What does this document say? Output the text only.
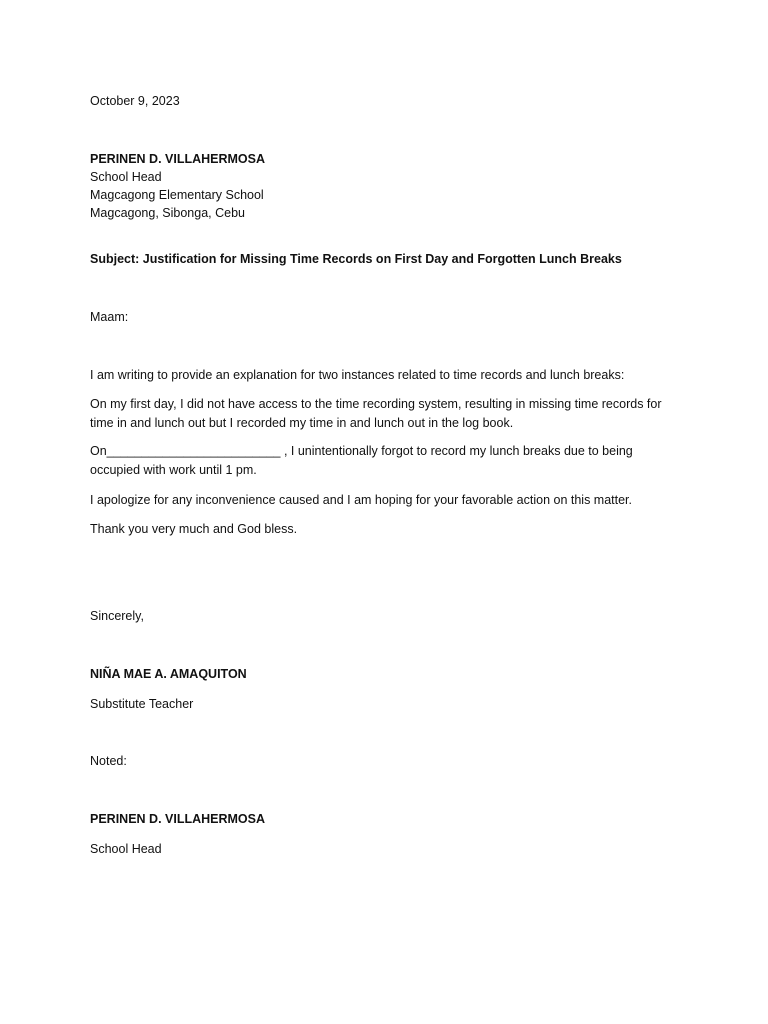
October 9, 2023
PERINEN D. VILLAHERMOSA
School Head
Magcagong Elementary School
Magcagong, Sibonga, Cebu
Subject: Justification for Missing Time Records on First Day and Forgotten Lunch Breaks
Maam:
I am writing to provide an explanation for two instances related to time records and lunch breaks:
On my first day, I did not have access to the time recording system, resulting in missing time records for time in and lunch out but I recorded my time in and lunch out in the log book.
On_________________________ , I unintentionally forgot to record my lunch breaks due to being occupied with work until 1 pm.
I apologize for any inconvenience caused and I am hoping for your favorable action on this matter.
Thank you very much and God bless.
Sincerely,
NIÑA MAE A. AMAQUITON
Substitute Teacher
Noted:
PERINEN D. VILLAHERMOSA
School Head
